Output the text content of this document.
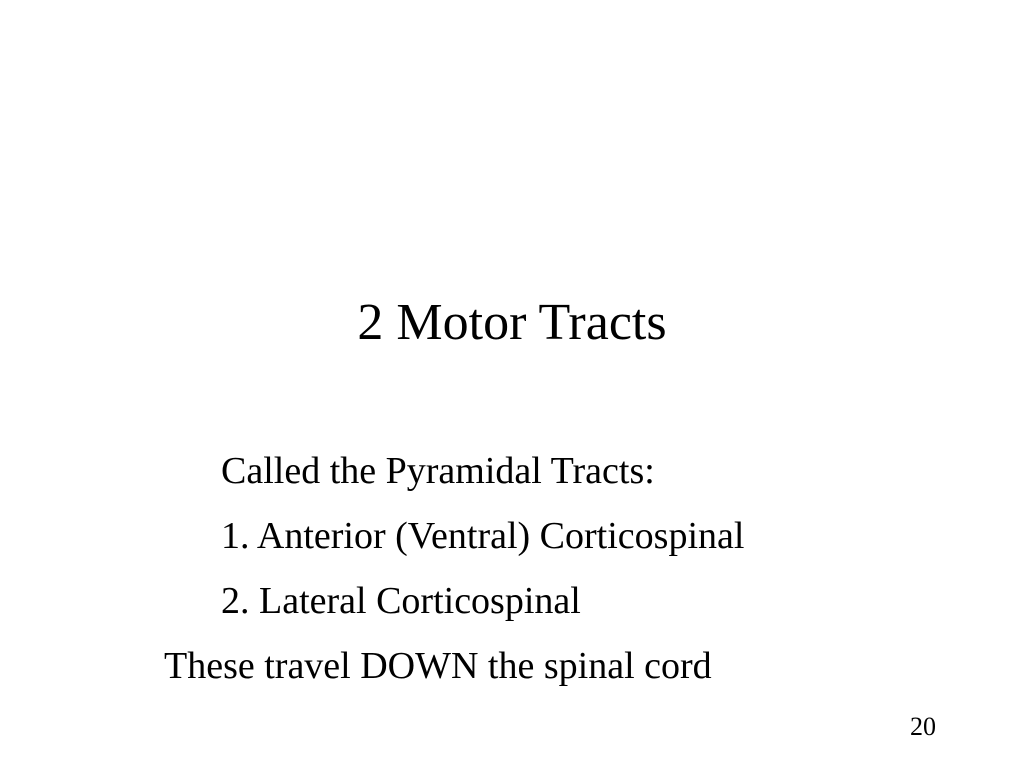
2 Motor Tracts
Called the Pyramidal Tracts:
1. Anterior (Ventral) Corticospinal
2. Lateral Corticospinal
These travel DOWN the spinal cord
20
